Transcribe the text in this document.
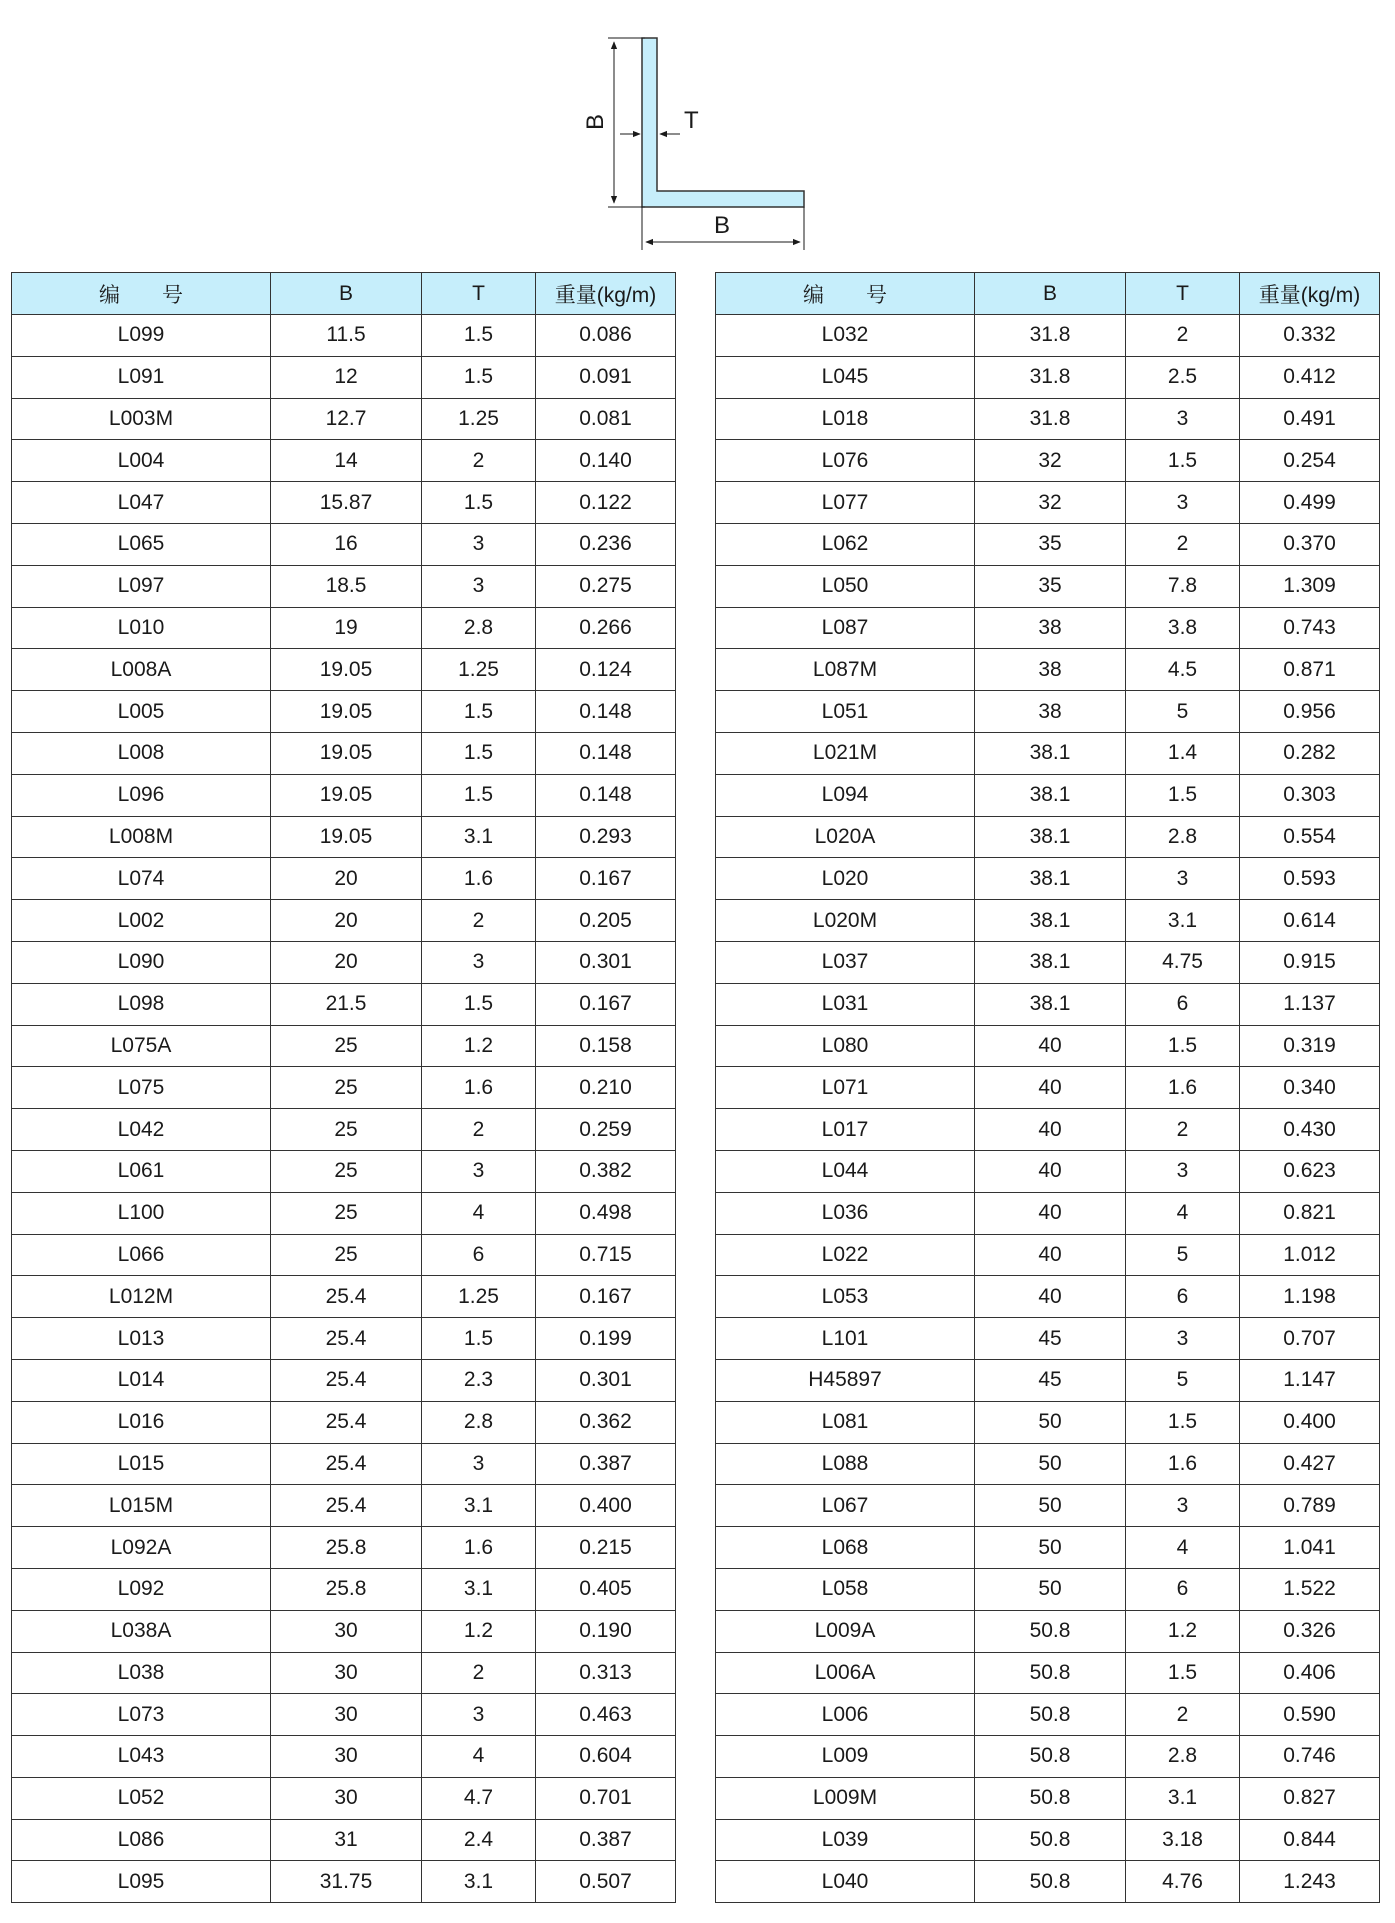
B	T
B
编　　号	B	T	重量(kg/m)
L099	11.5	1.5	0.086
L091	12	1.5	0.091
L003M	12.7	1.25	0.081
L004	14	2	0.140
L047	15.87	1.5	0.122
L065	16	3	0.236
L097	18.5	3	0.275
L010	19	2.8	0.266
L008A	19.05	1.25	0.124
L005	19.05	1.5	0.148
L008	19.05	1.5	0.148
L096	19.05	1.5	0.148
L008M	19.05	3.1	0.293
L074	20	1.6	0.167
L002	20	2	0.205
L090	20	3	0.301
L098	21.5	1.5	0.167
L075A	25	1.2	0.158
L075	25	1.6	0.210
L042	25	2	0.259
L061	25	3	0.382
L100	25	4	0.498
L066	25	6	0.715
L012M	25.4	1.25	0.167
L013	25.4	1.5	0.199
L014	25.4	2.3	0.301
L016	25.4	2.8	0.362
L015	25.4	3	0.387
L015M	25.4	3.1	0.400
L092A	25.8	1.6	0.215
L092	25.8	3.1	0.405
L038A	30	1.2	0.190
L038	30	2	0.313
L073	30	3	0.463
L043	30	4	0.604
L052	30	4.7	0.701
L086	31	2.4	0.387
L095	31.75	3.1	0.507
编　　号	B	T	重量(kg/m)
L032	31.8	2	0.332
L045	31.8	2.5	0.412
L018	31.8	3	0.491
L076	32	1.5	0.254
L077	32	3	0.499
L062	35	2	0.370
L050	35	7.8	1.309
L087	38	3.8	0.743
L087M	38	4.5	0.871
L051	38	5	0.956
L021M	38.1	1.4	0.282
L094	38.1	1.5	0.303
L020A	38.1	2.8	0.554
L020	38.1	3	0.593
L020M	38.1	3.1	0.614
L037	38.1	4.75	0.915
L031	38.1	6	1.137
L080	40	1.5	0.319
L071	40	1.6	0.340
L017	40	2	0.430
L044	40	3	0.623
L036	40	4	0.821
L022	40	5	1.012
L053	40	6	1.198
L101	45	3	0.707
H45897	45	5	1.147
L081	50	1.5	0.400
L088	50	1.6	0.427
L067	50	3	0.789
L068	50	4	1.041
L058	50	6	1.522
L009A	50.8	1.2	0.326
L006A	50.8	1.5	0.406
L006	50.8	2	0.590
L009	50.8	2.8	0.746
L009M	50.8	3.1	0.827
L039	50.8	3.18	0.844
L040	50.8	4.76	1.243
